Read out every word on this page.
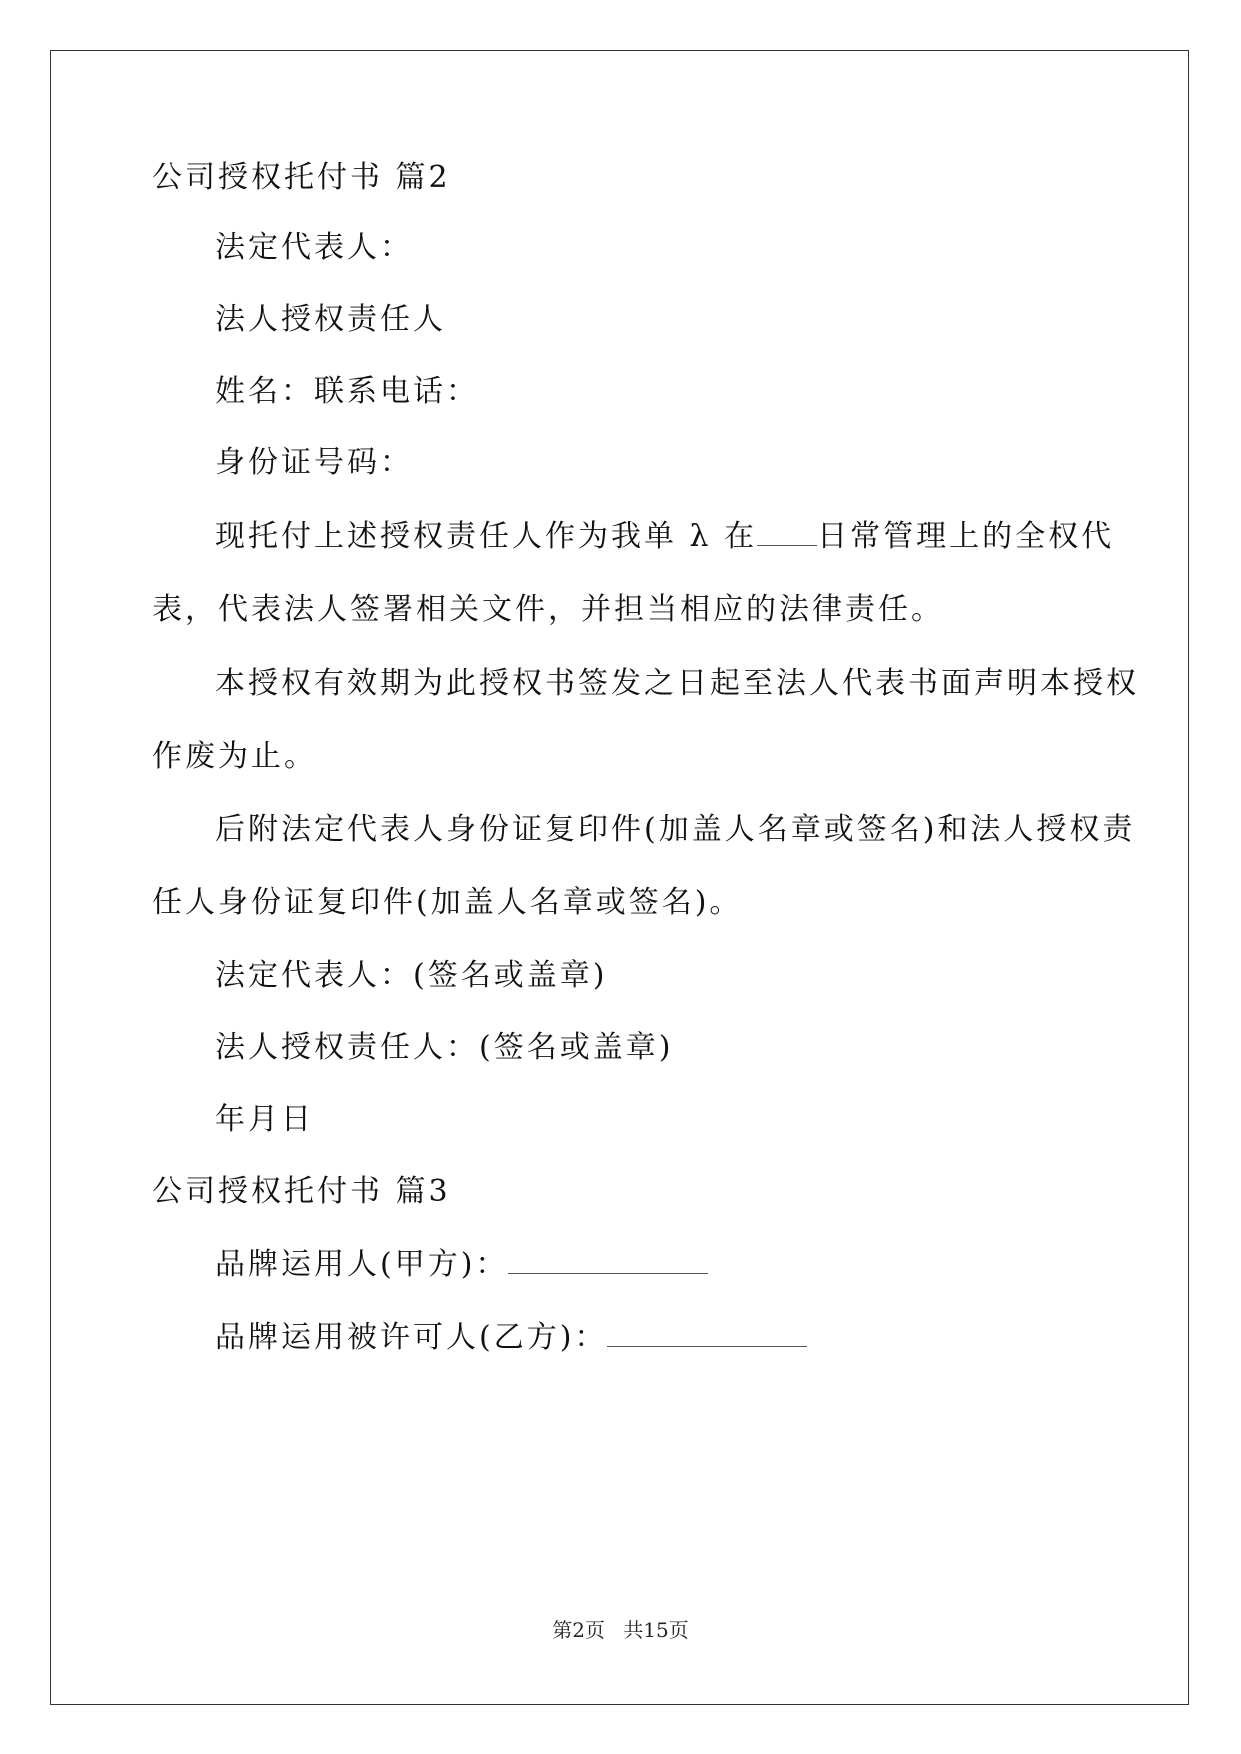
公司授权托付书 篇2
法定代表人：
法人授权责任人
姓名：联系电话：
身份证号码：
现托付上述授权责任人作为我单 λ 在 日常管理上的全权代
表，代表法人签署相关文件，并担当相应的法律责任。
本授权有效期为此授权书签发之日起至法人代表书面声明本授权
作废为止。
后附法定代表人身份证复印件(加盖人名章或签名)和法人授权责
任人身份证复印件(加盖人名章或签名)。
法定代表人：(签名或盖章)
法人授权责任人：(签名或盖章)
年月日
公司授权托付书 篇3
品牌运用人(甲方)：
品牌运用被许可人(乙方)：
第2页 共15页
